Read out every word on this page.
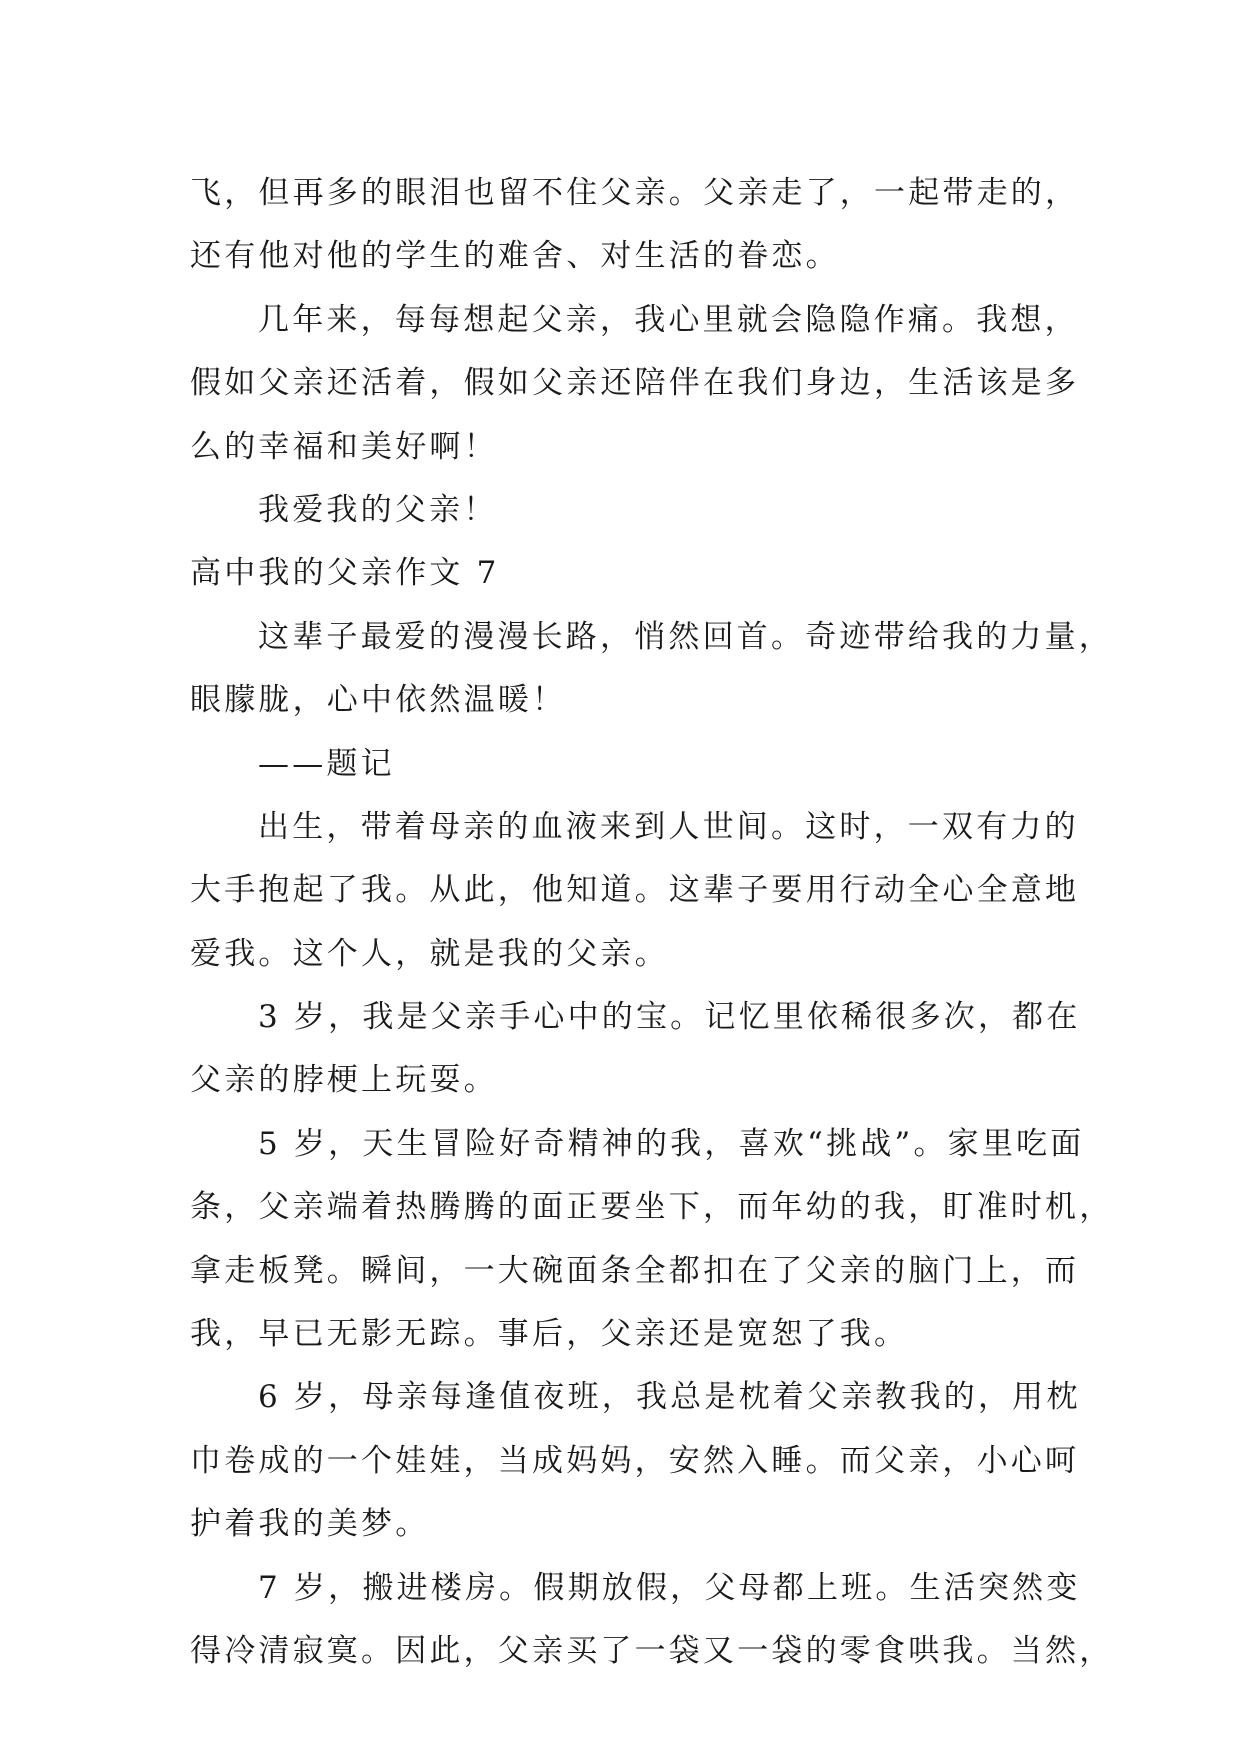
飞，但再多的眼泪也留不住父亲。父亲走了，一起带走的，
还有他对他的学生的难舍、对生活的眷恋。
几年来，每每想起父亲，我心里就会隐隐作痛。我想，
假如父亲还活着，假如父亲还陪伴在我们身边，生活该是多
么的幸福和美好啊！
我爱我的父亲！
高中我的父亲作文 7
这辈子最爱的漫漫长路，悄然回首。奇迹带给我的力量，
眼朦胧，心中依然温暖！
——题记
出生，带着母亲的血液来到人世间。这时，一双有力的
大手抱起了我。从此，他知道。这辈子要用行动全心全意地
爱我。这个人，就是我的父亲。
3 岁，我是父亲手心中的宝。记忆里依稀很多次，都在
父亲的脖梗上玩耍。
5 岁，天生冒险好奇精神的我，喜欢“挑战”。家里吃面
条，父亲端着热腾腾的面正要坐下，而年幼的我，盯准时机，
拿走板凳。瞬间，一大碗面条全都扣在了父亲的脑门上，而
我，早已无影无踪。事后，父亲还是宽恕了我。
6 岁，母亲每逢值夜班，我总是枕着父亲教我的，用枕
巾卷成的一个娃娃，当成妈妈，安然入睡。而父亲，小心呵
护着我的美梦。
7 岁，搬进楼房。假期放假，父母都上班。生活突然变
得冷清寂寞。因此，父亲买了一袋又一袋的零食哄我。当然，
